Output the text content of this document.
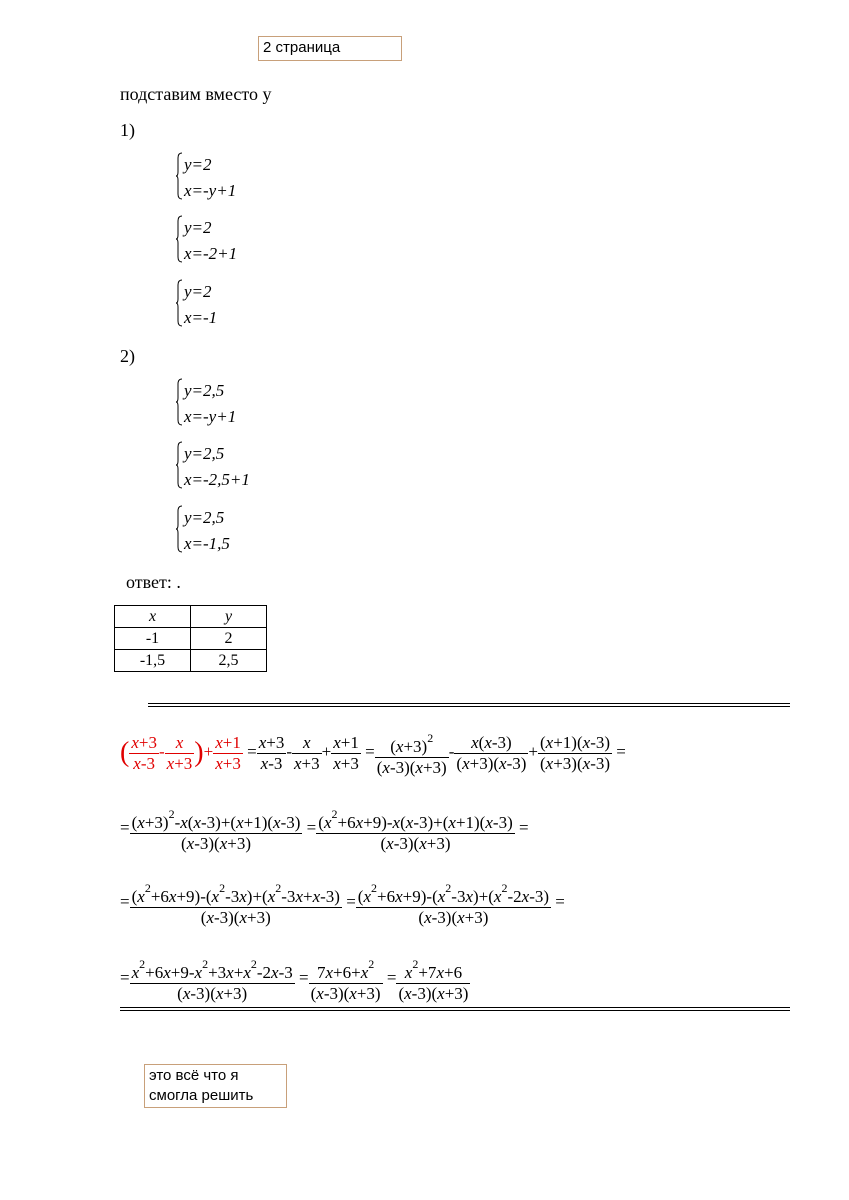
2 страница
подставим вместо у
1)
y=2
x=-y+1
y=2
x=-2+1
y=2
x=-1
2)
y=2,5
x=-y+1
y=2,5
x=-2,5+1
y=2,5
x=-1,5
ответ: .
x	y
-1	2
-1,5	2,5
( $\frac{x+3}{x-3} - \frac{x}{x+3}$ )+ $\frac{x+1}{x+3} = \frac{x+3}{x-3} - \frac{x}{x+3} + \frac{x+1}{x+3} = \frac{(x+3)^2}{(x-3)(x+3)} - \frac{x(x-3)}{(x+3)(x-3)} + \frac{(x+1)(x-3)}{(x+3)(x-3)}$ =
= $\frac{(x+3)^2-x(x-3)+(x+1)(x-3)}{(x-3)(x+3)} = \frac{(x^2+6x+9)-x(x-3)+(x+1)(x-3)}{(x-3)(x+3)}$ =
= $\frac{(x^2+6x+9)-(x^2-3x)+(x^2-3x+x-3)}{(x-3)(x+3)} = \frac{(x^2+6x+9)-(x^2-3x)+(x^2-2x-3)}{(x-3)(x+3)}$ =
= $\frac{x^2+6x+9-x^2+3x+x^2-2x-3}{(x-3)(x+3)} = \frac{7x+6+x^2}{(x-3)(x+3)} = \frac{x^2+7x+6}{(x-3)(x+3)}$
это всё что я смогла решить
